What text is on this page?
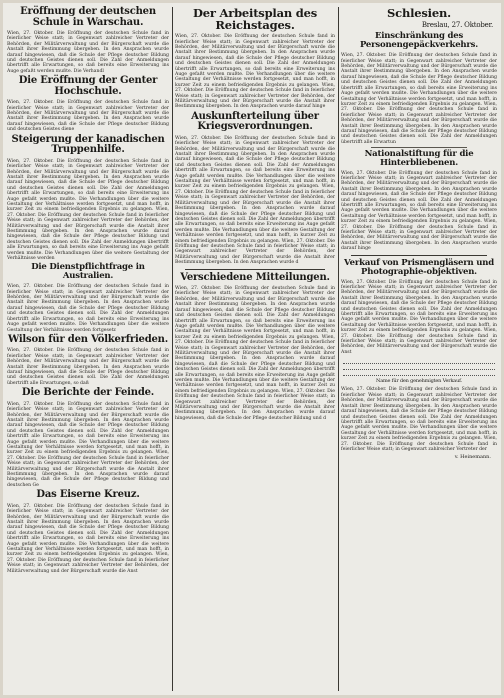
Eröffnung der deutschen Schule in Warschau.

Wien, 27. Oktober. Die Eröffnung der deutschen Schule fand in feierlicher Weise statt; in Gegenwart zahlreicher Vertreter der Behörden, der Militärverwaltung und der Bürgerschaft wurde die Anstalt ihrer Bestimmung übergeben. In den Ansprachen wurde darauf hingewiesen, daß die Schule der Pflege deutscher Bildung und deutschen Geistes dienen soll. Die Zahl der Anmeldungen übertrifft alle Erwartungen, so daß bereits eine Erweiterung ins Auge gefaßt werden mußte. Die Verhandl

Die Eröffnung der Genter Hochschule.

Wien, 27. Oktober. Die Eröffnung der deutschen Schule fand in feierlicher Weise statt; in Gegenwart zahlreicher Vertreter der Behörden, der Militärverwaltung und der Bürgerschaft wurde die Anstalt ihrer Bestimmung übergeben. In den Ansprachen wurde darauf hingewiesen, daß die Schule der Pflege deutscher Bildung und deutschen Geistes diene

Steigerung der kanadischen Truppenhilfe.

Wien, 27. Oktober. Die Eröffnung der deutschen Schule fand in feierlicher Weise statt; in Gegenwart zahlreicher Vertreter der Behörden, der Militärverwaltung und der Bürgerschaft wurde die Anstalt ihrer Bestimmung übergeben. In den Ansprachen wurde darauf hingewiesen, daß die Schule der Pflege deutscher Bildung und deutschen Geistes dienen soll. Die Zahl der Anmeldungen übertrifft alle Erwartungen, so daß bereits eine Erweiterung ins Auge gefaßt werden mußte. Die Verhandlungen über die weitere Gestaltung der Verhältnisse werden fortgesetzt, und man hofft, in kurzer Zeit zu einem befriedigenden Ergebnis zu gelangen. Wien, 27. Oktober. Die Eröffnung der deutschen Schule fand in feierlicher Weise statt; in Gegenwart zahlreicher Vertreter der Behörden, der Militärverwaltung und der Bürgerschaft wurde die Anstalt ihrer Bestimmung übergeben. In den Ansprachen wurde darauf hingewiesen, daß die Schule der Pflege deutscher Bildung und deutschen Geistes dienen soll. Die Zahl der Anmeldungen übertrifft alle Erwartungen, so daß bereits eine Erweiterung ins Auge gefaßt werden mußte. Die Verhandlungen über die weitere Gestaltung der Verhältnisse werden

Die Dienstpflichtfrage in Australien.

Wien, 27. Oktober. Die Eröffnung der deutschen Schule fand in feierlicher Weise statt; in Gegenwart zahlreicher Vertreter der Behörden, der Militärverwaltung und der Bürgerschaft wurde die Anstalt ihrer Bestimmung übergeben. In den Ansprachen wurde darauf hingewiesen, daß die Schule der Pflege deutscher Bildung und deutschen Geistes dienen soll. Die Zahl der Anmeldungen übertrifft alle Erwartungen, so daß bereits eine Erweiterung ins Auge gefaßt werden mußte. Die Verhandlungen über die weitere Gestaltung der Verhältnisse werden fortgesetz

Wilson für den Völkerfrieden.

Wien, 27. Oktober. Die Eröffnung der deutschen Schule fand in feierlicher Weise statt; in Gegenwart zahlreicher Vertreter der Behörden, der Militärverwaltung und der Bürgerschaft wurde die Anstalt ihrer Bestimmung übergeben. In den Ansprachen wurde darauf hingewiesen, daß die Schule der Pflege deutscher Bildung und deutschen Geistes dienen soll. Die Zahl der Anmeldungen übertrifft alle Erwartungen, so daß

Die Berichte der Feinde.

Wien, 27. Oktober. Die Eröffnung der deutschen Schule fand in feierlicher Weise statt; in Gegenwart zahlreicher Vertreter der Behörden, der Militärverwaltung und der Bürgerschaft wurde die Anstalt ihrer Bestimmung übergeben. In den Ansprachen wurde darauf hingewiesen, daß die Schule der Pflege deutscher Bildung und deutschen Geistes dienen soll. Die Zahl der Anmeldungen übertrifft alle Erwartungen, so daß bereits eine Erweiterung ins Auge gefaßt werden mußte. Die Verhandlungen über die weitere Gestaltung der Verhältnisse werden fortgesetzt, und man hofft, in kurzer Zeit zu einem befriedigenden Ergebnis zu gelangen. Wien, 27. Oktober. Die Eröffnung der deutschen Schule fand in feierlicher Weise statt; in Gegenwart zahlreicher Vertreter der Behörden, der Militärverwaltung und der Bürgerschaft wurde die Anstalt ihrer Bestimmung übergeben. In den Ansprachen wurde darauf hingewiesen, daß die Schule der Pflege deutscher Bildung und deutschen Ge

Das Eiserne Kreuz.

Wien, 27. Oktober. Die Eröffnung der deutschen Schule fand in feierlicher Weise statt; in Gegenwart zahlreicher Vertreter der Behörden, der Militärverwaltung und der Bürgerschaft wurde die Anstalt ihrer Bestimmung übergeben. In den Ansprachen wurde darauf hingewiesen, daß die Schule der Pflege deutscher Bildung und deutschen Geistes dienen soll. Die Zahl der Anmeldungen übertrifft alle Erwartungen, so daß bereits eine Erweiterung ins Auge gefaßt werden mußte. Die Verhandlungen über die weitere Gestaltung der Verhältnisse werden fortgesetzt, und man hofft, in kurzer Zeit zu einem befriedigenden Ergebnis zu gelangen. Wien, 27. Oktober. Die Eröffnung der deutschen Schule fand in feierlicher Weise statt; in Gegenwart zahlreicher Vertreter der Behörden, der Militärverwaltung und der Bürgerschaft wurde die Anst

Der Arbeitsplan des Reichstages.

Wien, 27. Oktober. Die Eröffnung der deutschen Schule fand in feierlicher Weise statt; in Gegenwart zahlreicher Vertreter der Behörden, der Militärverwaltung und der Bürgerschaft wurde die Anstalt ihrer Bestimmung übergeben. In den Ansprachen wurde darauf hingewiesen, daß die Schule der Pflege deutscher Bildung und deutschen Geistes dienen soll. Die Zahl der Anmeldungen übertrifft alle Erwartungen, so daß bereits eine Erweiterung ins Auge gefaßt werden mußte. Die Verhandlungen über die weitere Gestaltung der Verhältnisse werden fortgesetzt, und man hofft, in kurzer Zeit zu einem befriedigenden Ergebnis zu gelangen. Wien, 27. Oktober. Die Eröffnung der deutschen Schule fand in feierlicher Weise statt; in Gegenwart zahlreicher Vertreter der Behörden, der Militärverwaltung und der Bürgerschaft wurde die Anstalt ihrer Bestimmung übergeben. In den Ansprachen wurde darauf hinge

Auskunfterteilung über Kriegsverordnungen.

Wien, 27. Oktober. Die Eröffnung der deutschen Schule fand in feierlicher Weise statt; in Gegenwart zahlreicher Vertreter der Behörden, der Militärverwaltung und der Bürgerschaft wurde die Anstalt ihrer Bestimmung übergeben. In den Ansprachen wurde darauf hingewiesen, daß die Schule der Pflege deutscher Bildung und deutschen Geistes dienen soll. Die Zahl der Anmeldungen übertrifft alle Erwartungen, so daß bereits eine Erweiterung ins Auge gefaßt werden mußte. Die Verhandlungen über die weitere Gestaltung der Verhältnisse werden fortgesetzt, und man hofft, in kurzer Zeit zu einem befriedigenden Ergebnis zu gelangen. Wien, 27. Oktober. Die Eröffnung der deutschen Schule fand in feierlicher Weise statt; in Gegenwart zahlreicher Vertreter der Behörden, der Militärverwaltung und der Bürgerschaft wurde die Anstalt ihrer Bestimmung übergeben. In den Ansprachen wurde darauf hingewiesen, daß die Schule der Pflege deutscher Bildung und deutschen Geistes dienen soll. Die Zahl der Anmeldungen übertrifft alle Erwartungen, so daß bereits eine Erweiterung ins Auge gefaßt werden mußte. Die Verhandlungen über die weitere Gestaltung der Verhältnisse werden fortgesetzt, und man hofft, in kurzer Zeit zu einem befriedigenden Ergebnis zu gelangen. Wien, 27. Oktober. Die Eröffnung der deutschen Schule fand in feierlicher Weise statt; in Gegenwart zahlreicher Vertreter der Behörden, der Militärverwaltung und der Bürgerschaft wurde die Anstalt ihrer Bestimmung übergeben. In den Ansprachen wurde d

Verschiedene Mitteilungen.

Wien, 27. Oktober. Die Eröffnung der deutschen Schule fand in feierlicher Weise statt; in Gegenwart zahlreicher Vertreter der Behörden, der Militärverwaltung und der Bürgerschaft wurde die Anstalt ihrer Bestimmung übergeben. In den Ansprachen wurde darauf hingewiesen, daß die Schule der Pflege deutscher Bildung und deutschen Geistes dienen soll. Die Zahl der Anmeldungen übertrifft alle Erwartungen, so daß bereits eine Erweiterung ins Auge gefaßt werden mußte. Die Verhandlungen über die weitere Gestaltung der Verhältnisse werden fortgesetzt, und man hofft, in kurzer Zeit zu einem befriedigenden Ergebnis zu gelangen. Wien, 27. Oktober. Die Eröffnung der deutschen Schule fand in feierlicher Weise statt; in Gegenwart zahlreicher Vertreter der Behörden, der Militärverwaltung und der Bürgerschaft wurde die Anstalt ihrer Bestimmung übergeben. In den Ansprachen wurde darauf hingewiesen, daß die Schule der Pflege deutscher Bildung und deutschen Geistes dienen soll. Die Zahl der Anmeldungen übertrifft alle Erwartungen, so daß bereits eine Erweiterung ins Auge gefaßt werden mußte. Die Verhandlungen über die weitere Gestaltung der Verhältnisse werden fortgesetzt, und man hofft, in kurzer Zeit zu einem befriedigenden Ergebnis zu gelangen. Wien, 27. Oktober. Die Eröffnung der deutschen Schule fand in feierlicher Weise statt; in Gegenwart zahlreicher Vertreter der Behörden, der Militärverwaltung und der Bürgerschaft wurde die Anstalt ihrer Bestimmung übergeben. In den Ansprachen wurde darauf hingewiesen, daß die Schule der Pflege deutscher Bildung und d

Schlesien.
Breslau, 27. Oktober.
Einschränkung des Personengepäckverkehrs.

Wien, 27. Oktober. Die Eröffnung der deutschen Schule fand in feierlicher Weise statt; in Gegenwart zahlreicher Vertreter der Behörden, der Militärverwaltung und der Bürgerschaft wurde die Anstalt ihrer Bestimmung übergeben. In den Ansprachen wurde darauf hingewiesen, daß die Schule der Pflege deutscher Bildung und deutschen Geistes dienen soll. Die Zahl der Anmeldungen übertrifft alle Erwartungen, so daß bereits eine Erweiterung ins Auge gefaßt werden mußte. Die Verhandlungen über die weitere Gestaltung der Verhältnisse werden fortgesetzt, und man hofft, in kurzer Zeit zu einem befriedigenden Ergebnis zu gelangen. Wien, 27. Oktober. Die Eröffnung der deutschen Schule fand in feierlicher Weise statt; in Gegenwart zahlreicher Vertreter der Behörden, der Militärverwaltung und der Bürgerschaft wurde die Anstalt ihrer Bestimmung übergeben. In den Ansprachen wurde darauf hingewiesen, daß die Schule der Pflege deutscher Bildung und deutschen Geistes dienen soll. Die Zahl der Anmeldungen übertrifft alle Erwartun

Nationalstiftung für die Hinterbliebenen.

Wien, 27. Oktober. Die Eröffnung der deutschen Schule fand in feierlicher Weise statt; in Gegenwart zahlreicher Vertreter der Behörden, der Militärverwaltung und der Bürgerschaft wurde die Anstalt ihrer Bestimmung übergeben. In den Ansprachen wurde darauf hingewiesen, daß die Schule der Pflege deutscher Bildung und deutschen Geistes dienen soll. Die Zahl der Anmeldungen übertrifft alle Erwartungen, so daß bereits eine Erweiterung ins Auge gefaßt werden mußte. Die Verhandlungen über die weitere Gestaltung der Verhältnisse werden fortgesetzt, und man hofft, in kurzer Zeit zu einem befriedigenden Ergebnis zu gelangen. Wien, 27. Oktober. Die Eröffnung der deutschen Schule fand in feierlicher Weise statt; in Gegenwart zahlreicher Vertreter der Behörden, der Militärverwaltung und der Bürgerschaft wurde die Anstalt ihrer Bestimmung übergeben. In den Ansprachen wurde darauf hinge

Verkauf von Prismengläsern und Photographie-objektiven.

Wien, 27. Oktober. Die Eröffnung der deutschen Schule fand in feierlicher Weise statt; in Gegenwart zahlreicher Vertreter der Behörden, der Militärverwaltung und der Bürgerschaft wurde die Anstalt ihrer Bestimmung übergeben. In den Ansprachen wurde darauf hingewiesen, daß die Schule der Pflege deutscher Bildung und deutschen Geistes dienen soll. Die Zahl der Anmeldungen übertrifft alle Erwartungen, so daß bereits eine Erweiterung ins Auge gefaßt werden mußte. Die Verhandlungen über die weitere Gestaltung der Verhältnisse werden fortgesetzt, und man hofft, in kurzer Zeit zu einem befriedigenden Ergebnis zu gelangen. Wien, 27. Oktober. Die Eröffnung der deutschen Schule fand in feierlicher Weise statt; in Gegenwart zahlreicher Vertreter der Behörden, der Militärverwaltung und der Bürgerschaft wurde die Anst

Name für den genehmigten Verkauf.

Wien, 27. Oktober. Die Eröffnung der deutschen Schule fand in feierlicher Weise statt; in Gegenwart zahlreicher Vertreter der Behörden, der Militärverwaltung und der Bürgerschaft wurde die Anstalt ihrer Bestimmung übergeben. In den Ansprachen wurde darauf hingewiesen, daß die Schule der Pflege deutscher Bildung und deutschen Geistes dienen soll. Die Zahl der Anmeldungen übertrifft alle Erwartungen, so daß bereits eine Erweiterung ins Auge gefaßt werden mußte. Die Verhandlungen über die weitere Gestaltung der Verhältnisse werden fortgesetzt, und man hofft, in kurzer Zeit zu einem befriedigenden Ergebnis zu gelangen. Wien, 27. Oktober. Die Eröffnung der deutschen Schule fand in feierlicher Weise statt; in Gegenwart zahlreicher Vertreter der

v. Heinemann.
